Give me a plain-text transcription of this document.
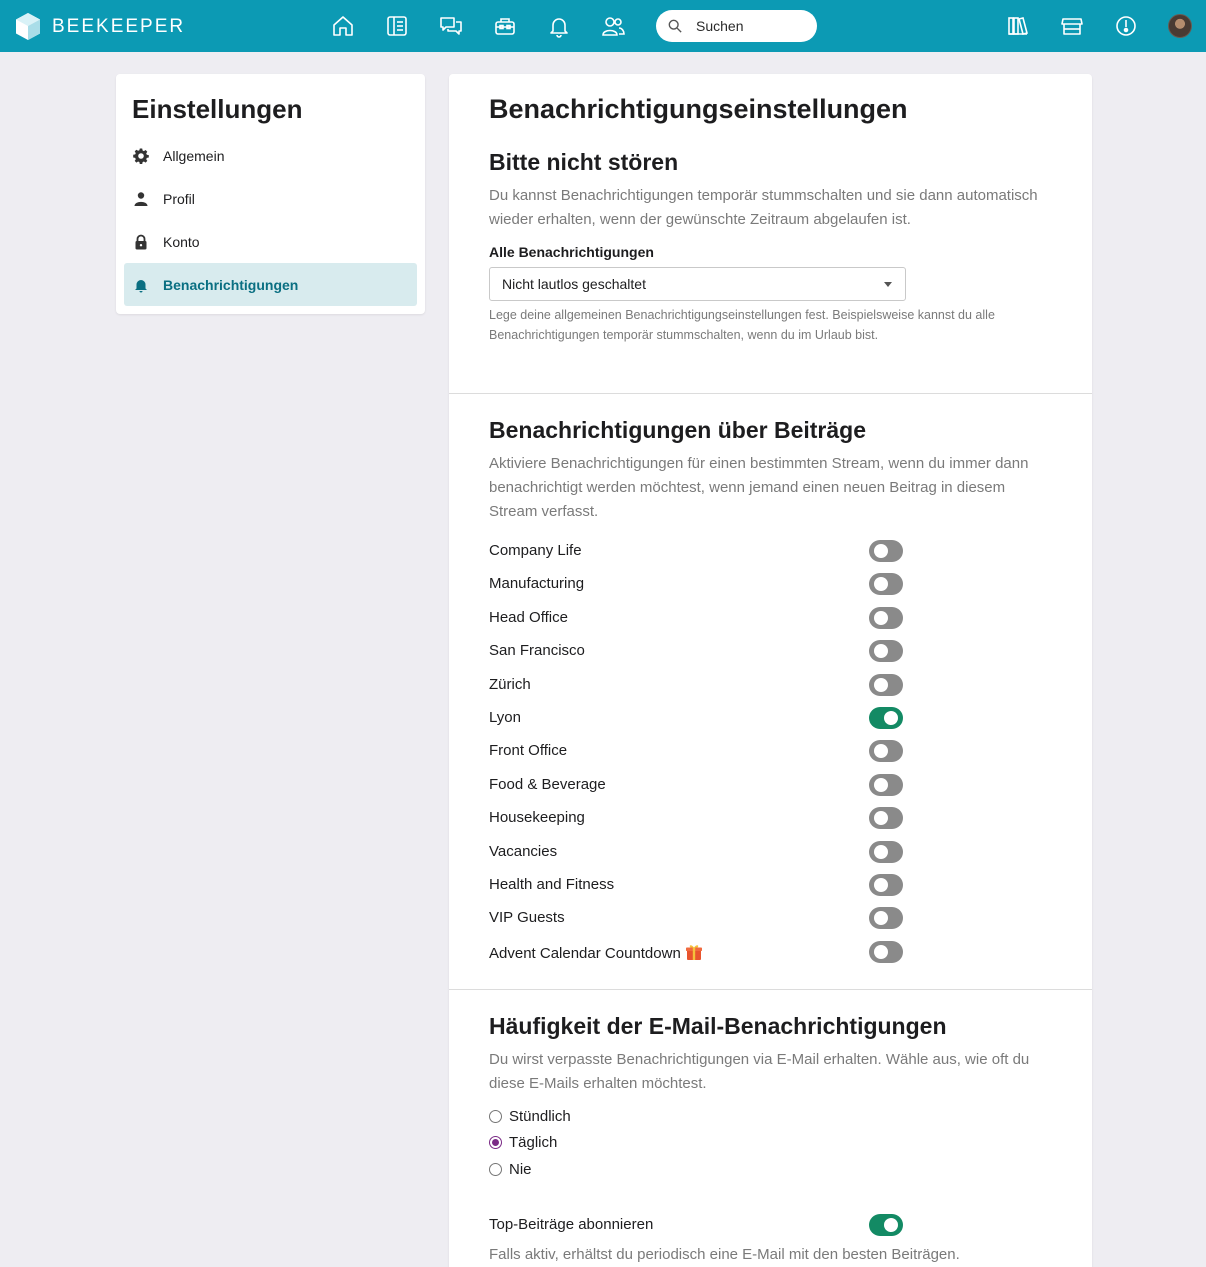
BEEKEEPER
Suchen
Einstellungen
Allgemein
Profil
Konto
Benachrichtigungen
Benachrichtigungseinstellungen
Bitte nicht stören
Du kannst Benachrichtigungen temporär stummschalten und sie dann automatisch wieder erhalten, wenn der gewünschte Zeitraum abgelaufen ist.
Alle Benachrichtigungen
Nicht lautlos geschaltet
Lege deine allgemeinen Benachrichtigungseinstellungen fest. Beispielsweise kannst du alle Benachrichtigungen temporär stummschalten, wenn du im Urlaub bist.
Benachrichtigungen über Beiträge
Aktiviere Benachrichtigungen für einen bestimmten Stream, wenn du immer dann benachrichtigt werden möchtest, wenn jemand einen neuen Beitrag in diesem Stream verfasst.
Company Life
Manufacturing
Head Office
San Francisco
Zürich
Lyon
Front Office
Food & Beverage
Housekeeping
Vacancies
Health and Fitness
VIP Guests
Advent Calendar Countdown
Häufigkeit der E-Mail-Benachrichtigungen
Du wirst verpasste Benachrichtigungen via E-Mail erhalten. Wähle aus, wie oft du diese E-Mails erhalten möchtest.
Stündlich
Täglich
Nie
Top-Beiträge abonnieren
Falls aktiv, erhältst du periodisch eine E-Mail mit den besten Beiträgen.
